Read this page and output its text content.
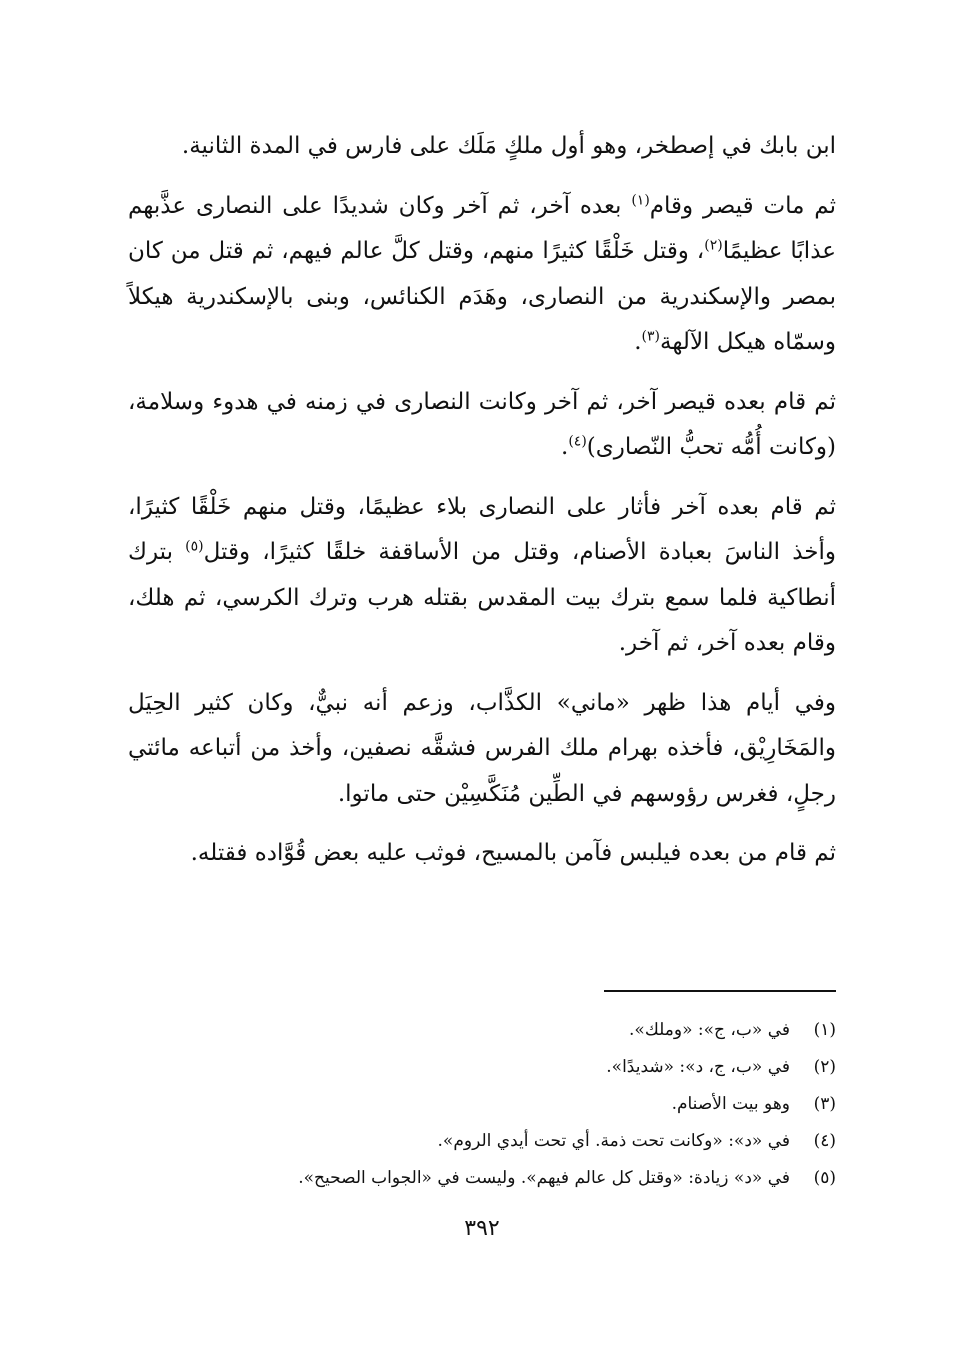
ابن بابك في إصطخر، وهو أول ملكٍ مَلَك على فارس في المدة الثانية.

ثم مات قيصر وقام$^{(١)}$ بعده آخر، ثم آخر وكان شديدًا على النصارى عذَّبهم عذابًا عظيمًا$^{(٢)}$، وقتل خَلْقًا كثيرًا منهم، وقتل كلَّ عالم فيهم، ثم قتل من كان بمصر والإسكندرية من النصارى، وهَدَم الكنائس، وبنى بالإسكندرية هيكلاً وسمّاه هيكل الآلهة$^{(٣)}$.

ثم قام بعده قيصر آخر، ثم آخر وكانت النصارى في زمنه في هدوء وسلامة، (وكانت أُمُّه تحبُّ النّصارى)$^{(٤)}$.

ثم قام بعده آخر فأثار على النصارى بلاء عظيمًا، وقتل منهم خَلْقًا كثيرًا، وأخذ الناسَ بعبادة الأصنام، وقتل من الأساقفة خلقًا كثيرًا، وقتل$^{(٥)}$ بترك أنطاكية فلما سمع بترك بيت المقدس بقتله هرب وترك الكرسي، ثم هلك، وقام بعده آخر، ثم آخر.

وفي أيام هذا ظهر «ماني» الكذَّاب، وزعم أنه نبيٌّ، وكان كثير الحِيَل والمَخَارِيْق، فأخذه بهرام ملك الفرس فشقَّه نصفين، وأخذ من أتباعه مائتي رجلٍ، فغرس رؤوسهم في الطِّين مُنَكَّسِيْن حتى ماتوا.

ثم قام من بعده فيلبس فآمن بالمسيح، فوثب عليه بعض قُوَّاده فقتله.

(١)
في «ب، ج»: «وملك».
(٢)
في «ب، ج، د»: «شديدًا».
(٣)
وهو بيت الأصنام.
(٤)
في «د»: «وكانت تحت ذمة. أي تحت أيدي الروم».
(٥)
في «د» زيادة: «وقتل كل عالم فيهم». وليست في «الجواب الصحيح».
٣٩٢
